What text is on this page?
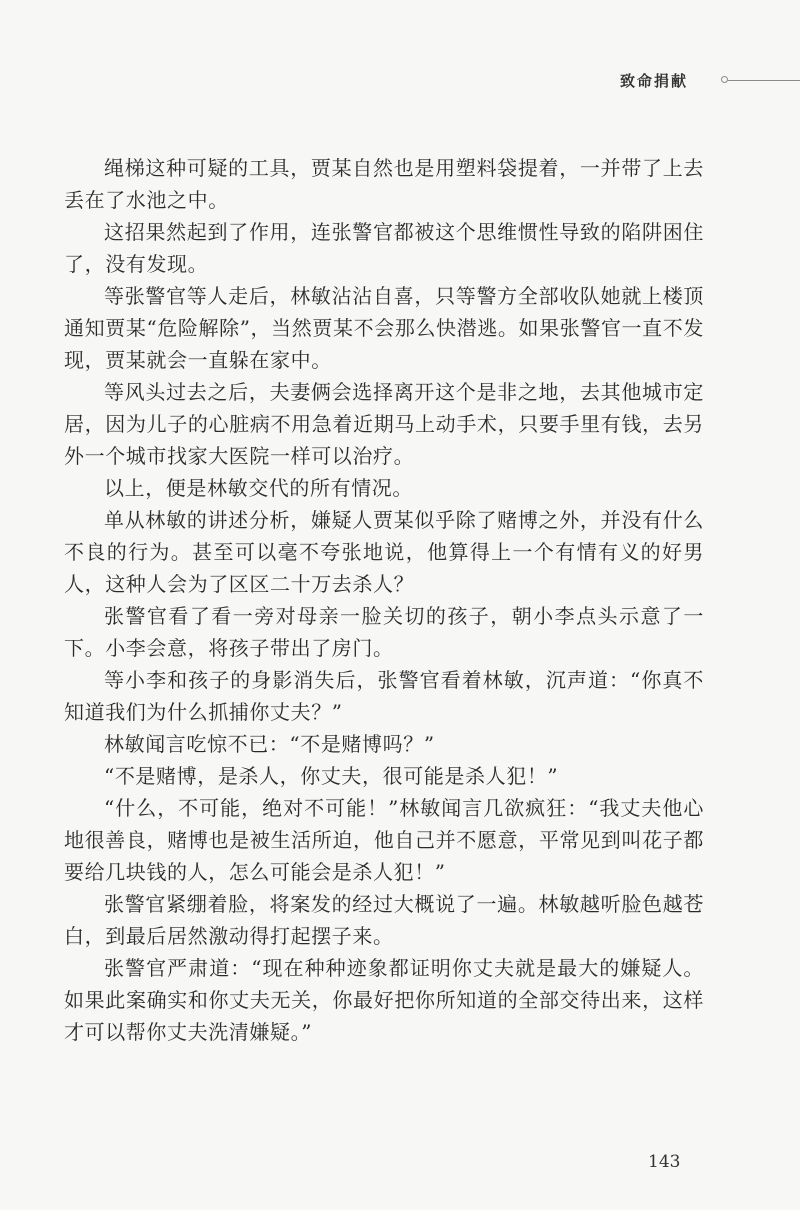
致命捐献

绳梯这种可疑的工具，贾某自然也是用塑料袋提着，一并带了上去丢在了水池之中。

这招果然起到了作用，连张警官都被这个思维惯性导致的陷阱困住了，没有发现。

等张警官等人走后，林敏沾沾自喜，只等警方全部收队她就上楼顶通知贾某“危险解除”，当然贾某不会那么快潜逃。如果张警官一直不发现，贾某就会一直躲在家中。

等风头过去之后，夫妻俩会选择离开这个是非之地，去其他城市定居，因为儿子的心脏病不用急着近期马上动手术，只要手里有钱，去另外一个城市找家大医院一样可以治疗。

以上，便是林敏交代的所有情况。

单从林敏的讲述分析，嫌疑人贾某似乎除了赌博之外，并没有什么不良的行为。甚至可以毫不夸张地说，他算得上一个有情有义的好男人，这种人会为了区区二十万去杀人？

张警官看了看一旁对母亲一脸关切的孩子，朝小李点头示意了一下。小李会意，将孩子带出了房门。

等小李和孩子的身影消失后，张警官看着林敏，沉声道：“你真不知道我们为什么抓捕你丈夫？”

林敏闻言吃惊不已：“不是赌博吗？”

“不是赌博，是杀人，你丈夫，很可能是杀人犯！”

“什么，不可能，绝对不可能！”林敏闻言几欲疯狂：“我丈夫他心地很善良，赌博也是被生活所迫，他自己并不愿意，平常见到叫花子都要给几块钱的人，怎么可能会是杀人犯！”

张警官紧绷着脸，将案发的经过大概说了一遍。林敏越听脸色越苍白，到最后居然激动得打起摆子来。

张警官严肃道：“现在种种迹象都证明你丈夫就是最大的嫌疑人。如果此案确实和你丈夫无关，你最好把你所知道的全部交待出来，这样才可以帮你丈夫洗清嫌疑。”

143
